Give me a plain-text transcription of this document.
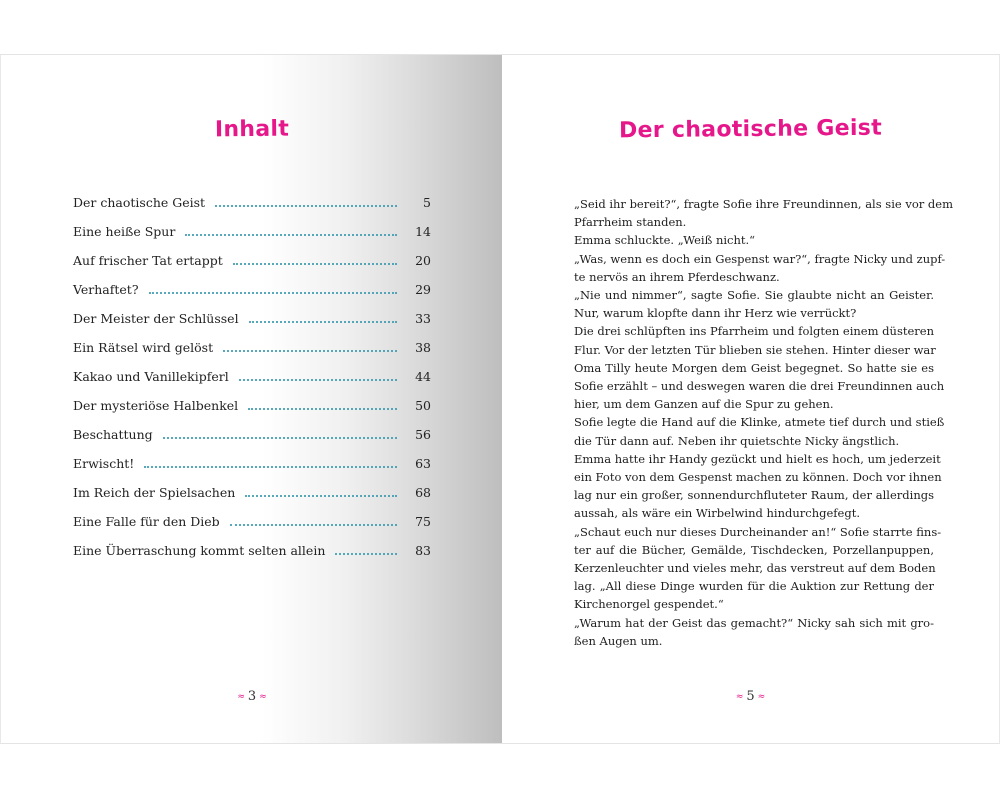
Inhalt
Der chaotische Geist	5
Eine heiße Spur	14
Auf frischer Tat ertappt	20
Verhaftet?	29
Der Meister der Schlüssel	33
Ein Rätsel wird gelöst	38
Kakao und Vanillekipferl	44
Der mysteriöse Halbenkel	50
Beschattung	56
Erwischt!	63
Im Reich der Spielsachen	68
Eine Falle für den Dieb	75
Eine Überraschung kommt selten allein	83
≈ 3 ≈
Der chaotische Geist
„Seid ihr bereit?“, fragte Sofie ihre Freundinnen, als sie vor dem
Pfarrheim standen.
Emma schluckte. „Weiß nicht.“
„Was, wenn es doch ein Gespenst war?“, fragte Nicky und zupf-
te nervös an ihrem Pferdeschwanz.
„Nie und nimmer“, sagte Sofie. Sie glaubte nicht an Geister.
Nur, warum klopfte dann ihr Herz wie verrückt?
Die drei schlüpften ins Pfarrheim und folgten einem düsteren
Flur. Vor der letzten Tür blieben sie stehen. Hinter dieser war
Oma Tilly heute Morgen dem Geist begegnet. So hatte sie es
Sofie erzählt – und deswegen waren die drei Freundinnen auch
hier, um dem Ganzen auf die Spur zu gehen.
Sofie legte die Hand auf die Klinke, atmete tief durch und stieß
die Tür dann auf. Neben ihr quietschte Nicky ängstlich.
Emma hatte ihr Handy gezückt und hielt es hoch, um jederzeit
ein Foto von dem Gespenst machen zu können. Doch vor ihnen
lag nur ein großer, sonnendurchfluteter Raum, der allerdings
aussah, als wäre ein Wirbelwind hindurchgefegt.
„Schaut euch nur dieses Durcheinander an!“ Sofie starrte fins-
ter auf die Bücher, Gemälde, Tischdecken, Porzellanpuppen,
Kerzenleuchter und vieles mehr, das verstreut auf dem Boden
lag. „All diese Dinge wurden für die Auktion zur Rettung der
Kirchenorgel gespendet.“
„Warum hat der Geist das gemacht?“ Nicky sah sich mit gro-
ßen Augen um.
≈ 5 ≈
